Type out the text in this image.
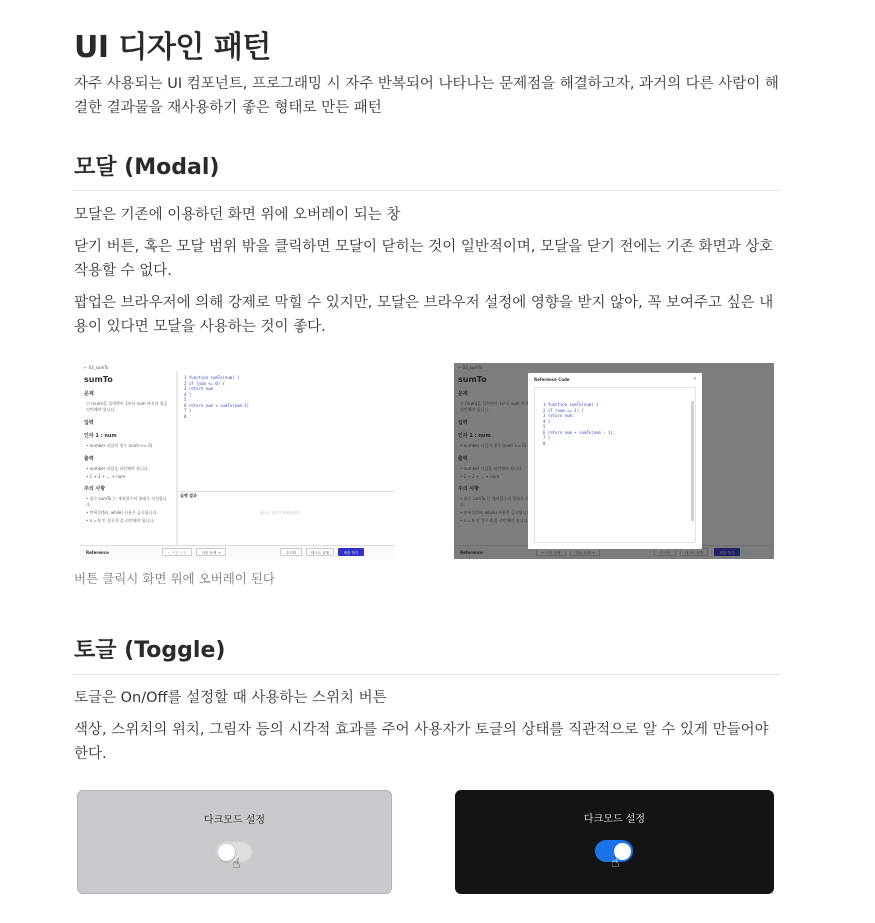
UI 디자인 패턴
자주 사용되는 UI 컴포넌트, 프로그래밍 시 자주 반복되어 나타나는 문제점을 해결하고자, 과거의 다른 사람이 해결한 결과물을 재사용하기 좋은 형태로 만든 패턴
모달 (Modal)
모달은 기존에 이용하던 화면 위에 오버레이 되는 창
닫기 버튼, 혹은 모달 범위 밖을 클릭하면 모달이 닫히는 것이 일반적이며, 모달을 닫기 전에는 기존 화면과 상호작용할 수 없다.
팝업은 브라우저에 의해 강제로 막힐 수 있지만, 모달은 브라우저 설정에 영향을 받지 않아, 꼭 보여주고 싶은 내용이 있다면 모달을 사용하는 것이 좋다.
← 03_sumTo
sumTo
문제
수 (num)을 입력받아 1부터 num 까지의 합을 리턴해야 합니다.
입력
인자 1 : num
• number 타입의 정수 (num >= 0)
출력
• number 타입을 리턴해야 합니다.
• 1 + 2 + ... + num
주의 사항
• 함수 sumTo 는 재귀함수의 형태로 작성합니다.
• 반복문(for, while) 사용은 금지됩니다.
• n = 0 인 경우 0 을 리턴해야 합니다.
1 function sumTo(num) {
2 if (num <= 0) {
3 return num
4 }
5
6 return num + sumTo(num-1)
7 }
8
실행 결과
테스트 결과가 출력됩니다.
Reference	← 이전 문제	다음 문제 →	초기화	테스트 실행	제출 하기
Reference Code	×
1 function sumTo(num) {
2 if (num == 1) {
3 return num;
4 }
5
6 return num + sumTo(num - 1);
7 }
8
버튼 클릭시 화면 위에 오버레이 된다
토글 (Toggle)
토글은 On/Off를 설정할 때 사용하는 스위치 버튼
색상, 스위치의 위치, 그림자 등의 시각적 효과를 주어 사용자가 토글의 상태를 직관적으로 알 수 있게 만들어야 한다.
다크모드 설정
☝
다크모드 설정
☝
